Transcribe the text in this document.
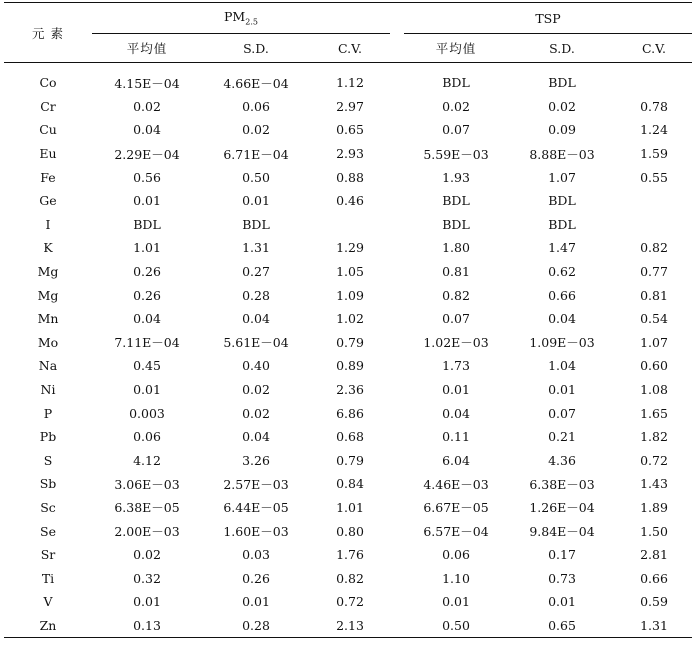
元 素	$PM_{2.5}$				TSP		
	平均值	S.D.	C.V.		平均值	S.D.	C.V.

Co	4.15E－04	4.66E－04	1.12		BDL	BDL	
Cr	0.02	0.06	2.97		0.02	0.02	0.78
Cu	0.04	0.02	0.65		0.07	0.09	1.24
Eu	2.29E－04	6.71E－04	2.93		5.59E－03	8.88E－03	1.59
Fe	0.56	0.50	0.88		1.93	1.07	0.55
Ge	0.01	0.01	0.46		BDL	BDL	
I	BDL	BDL			BDL	BDL	
K	1.01	1.31	1.29		1.80	1.47	0.82
Mg	0.26	0.27	1.05		0.81	0.62	0.77
Mg	0.26	0.28	1.09		0.82	0.66	0.81
Mn	0.04	0.04	1.02		0.07	0.04	0.54
Mo	7.11E－04	5.61E－04	0.79		1.02E－03	1.09E－03	1.07
Na	0.45	0.40	0.89		1.73	1.04	0.60
Ni	0.01	0.02	2.36		0.01	0.01	1.08
P	0.003	0.02	6.86		0.04	0.07	1.65
Pb	0.06	0.04	0.68		0.11	0.21	1.82
S	4.12	3.26	0.79		6.04	4.36	0.72
Sb	3.06E－03	2.57E－03	0.84		4.46E－03	6.38E－03	1.43
Sc	6.38E－05	6.44E－05	1.01		6.67E－05	1.26E－04	1.89
Se	2.00E－03	1.60E－03	0.80		6.57E－04	9.84E－04	1.50
Sr	0.02	0.03	1.76		0.06	0.17	2.81
Ti	0.32	0.26	0.82		1.10	0.73	0.66
V	0.01	0.01	0.72		0.01	0.01	0.59
Zn	0.13	0.28	2.13		0.50	0.65	1.31
